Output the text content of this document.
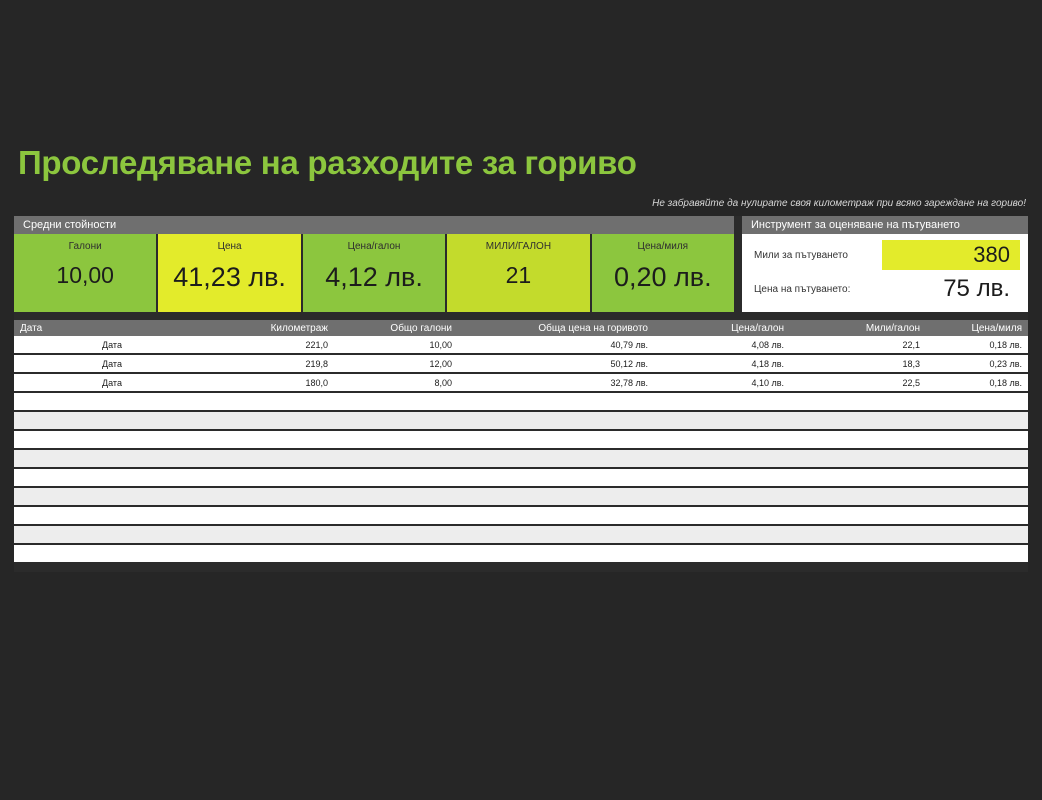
Проследяване на разходите за гориво
Не забравяйте да нулирате своя километраж при всяко зареждане на гориво!
Средни стойности	Инструмент за оценяване на пътуването
Галони
10,00
Цена
41,23 лв.
Цена/галон
4,12 лв.
МИЛИ/ГАЛОН
21
Цена/миля
0,20 лв.
Мили за пътуването	380
Цена на пътуването:	75 лв.
Дата	Километраж	Общо галони	Обща цена на горивото	Цена/галон	Мили/галон	Цена/миля
Дата	221,0	10,00	40,79 лв.	4,08 лв.	22,1	0,18 лв.
Дата	219,8	12,00	50,12 лв.	4,18 лв.	18,3	0,23 лв.
Дата	180,0	8,00	32,78 лв.	4,10 лв.	22,5	0,18 лв.
